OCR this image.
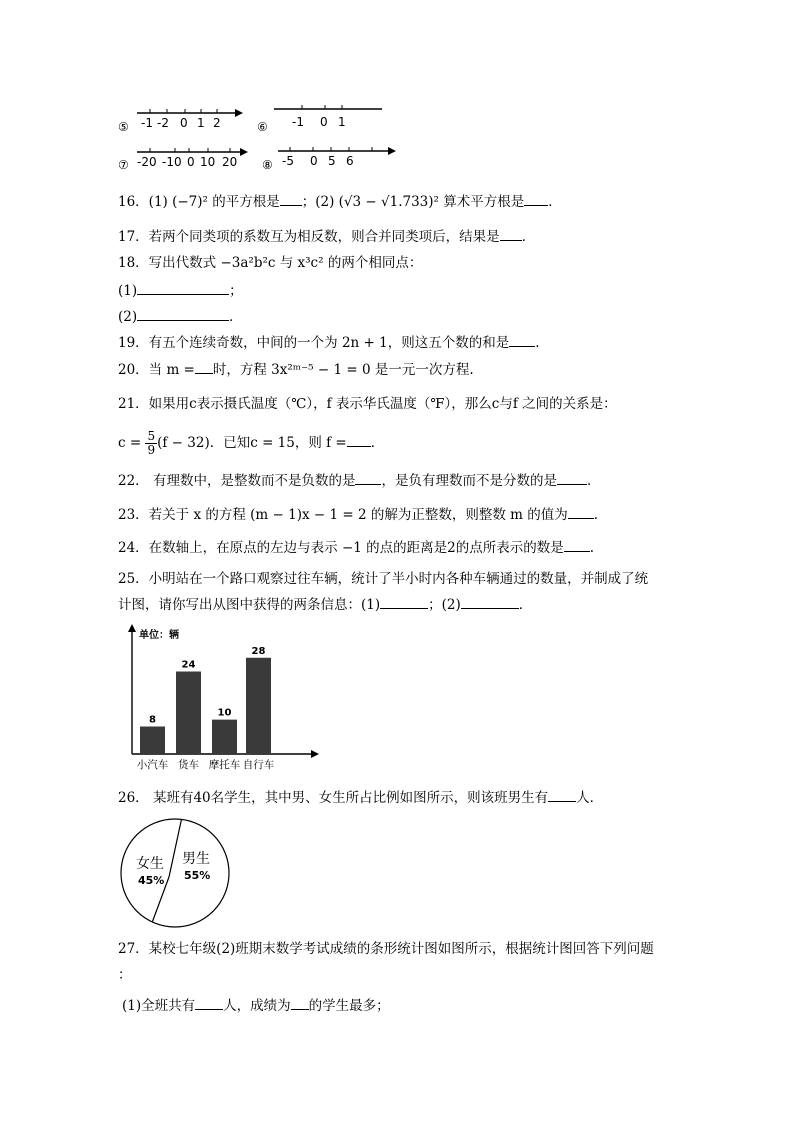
⑤ -1 -2 0 1 2	⑥ -1 0 1
⑦ -20 -10 0 10 20 ⑧ -5 0 5 6
16．(1) (−7)² 的平方根是 ；(2) (√3 − √1.733)² 算术平方根是 ．
17．若两个同类项的系数互为相反数，则合并同类项后，结果是 ．
18．写出代数式 −3a²b²c 与 x³c² 的两个相同点：
(1)	；
(2)	．
19．有五个连续奇数，中间的一个为 2n + 1，则这五个数的和是 .
20．当 m = 时，方程 3x²ᵐ⁻⁵ − 1 = 0 是一元一次方程.
21．如果用c表示摄氏温度（℃），f 表示华氏温度（℉），那么c与f 之间的关系是：
$c = \frac{5}{9} (f - 32)$．已知c = 15，则 f = ．
22． 有理数中，是整数而不是负数的是 ，是负有理数而不是分数的是 ．
23．若关于 x 的方程 (m − 1)x − 1 = 2 的解为正整数，则整数 m 的值为 .
24．在数轴上，在原点的左边与表示 −1 的点的距离是2的点所表示的数是 .
25．小明站在一个路口观察过往车辆，统计了半小时内各种车辆通过的数量，并制成了统
计图，请你写出从图中获得的两条信息：(1)	；(2)	．
单位：辆
8
小汽车
24
货车
10
摩托车
28
自行车
26． 某班有40名学生，其中男、女生所占比例如图所示，则该班男生有 人．
女生
45%
男生
55%
27．某校七年级(2)班期末数学考试成绩的条形统计图如图所示，根据统计图回答下列问题
：
(1)全班共有 人，成绩为 的学生最多；
